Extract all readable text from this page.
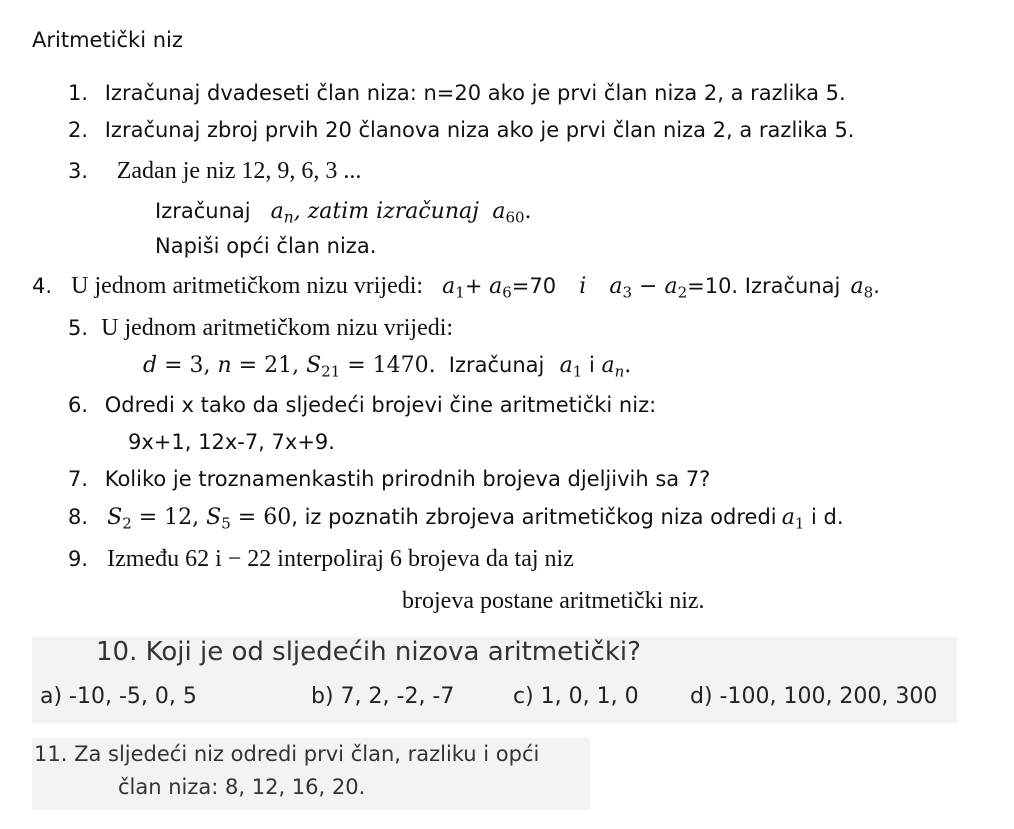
Aritmetički niz
1. Izračunaj dvadeseti član niza: n=20 ako je prvi član niza 2, a razlika 5.
2. Izračunaj zbroj prvih 20 članova niza ako je prvi član niza 2, a razlika 5.
3. Zadan je niz 12, 9, 6, 3 ...
Izračunaj $a_n$, zatim izračunaj $a_{60}$.
Napiši opći član niza.
4. U jednom aritmetičkom nizu vrijedi: $a_1+ a_6=70$ i $a_3 - a_2=10$. Izračunaj $a_8$.
5. U jednom aritmetičkom nizu vrijedi:
d = 3, n = 21, $S_{21} = 1470$. Izračunaj $a_1$ i $a_n$.
6. Odredi x tako da sljedeći brojevi čine aritmetički niz:
9x+1, 12x-7, 7x+9.
7. Koliko je troznamenkastih prirodnih brojeva djeljivih sa 7?
8. $S_2 = 12$, $S_5 = 60$, iz poznatih zbrojeva aritmetičkog niza odredi $a_1$ i d.
9. Između 62 i − 22 interpoliraj 6 brojeva da taj niz
brojeva postane aritmetički niz.
10. Koji je od sljedećih nizova aritmetički?
a) -10, -5, 0, 5	b) 7, 2, -2, -7	c) 1, 0, 1, 0 d) -100, 100, 200, 300
11. Za sljedeći niz odredi prvi član, razliku i opći
član niza: 8, 12, 16, 20.
